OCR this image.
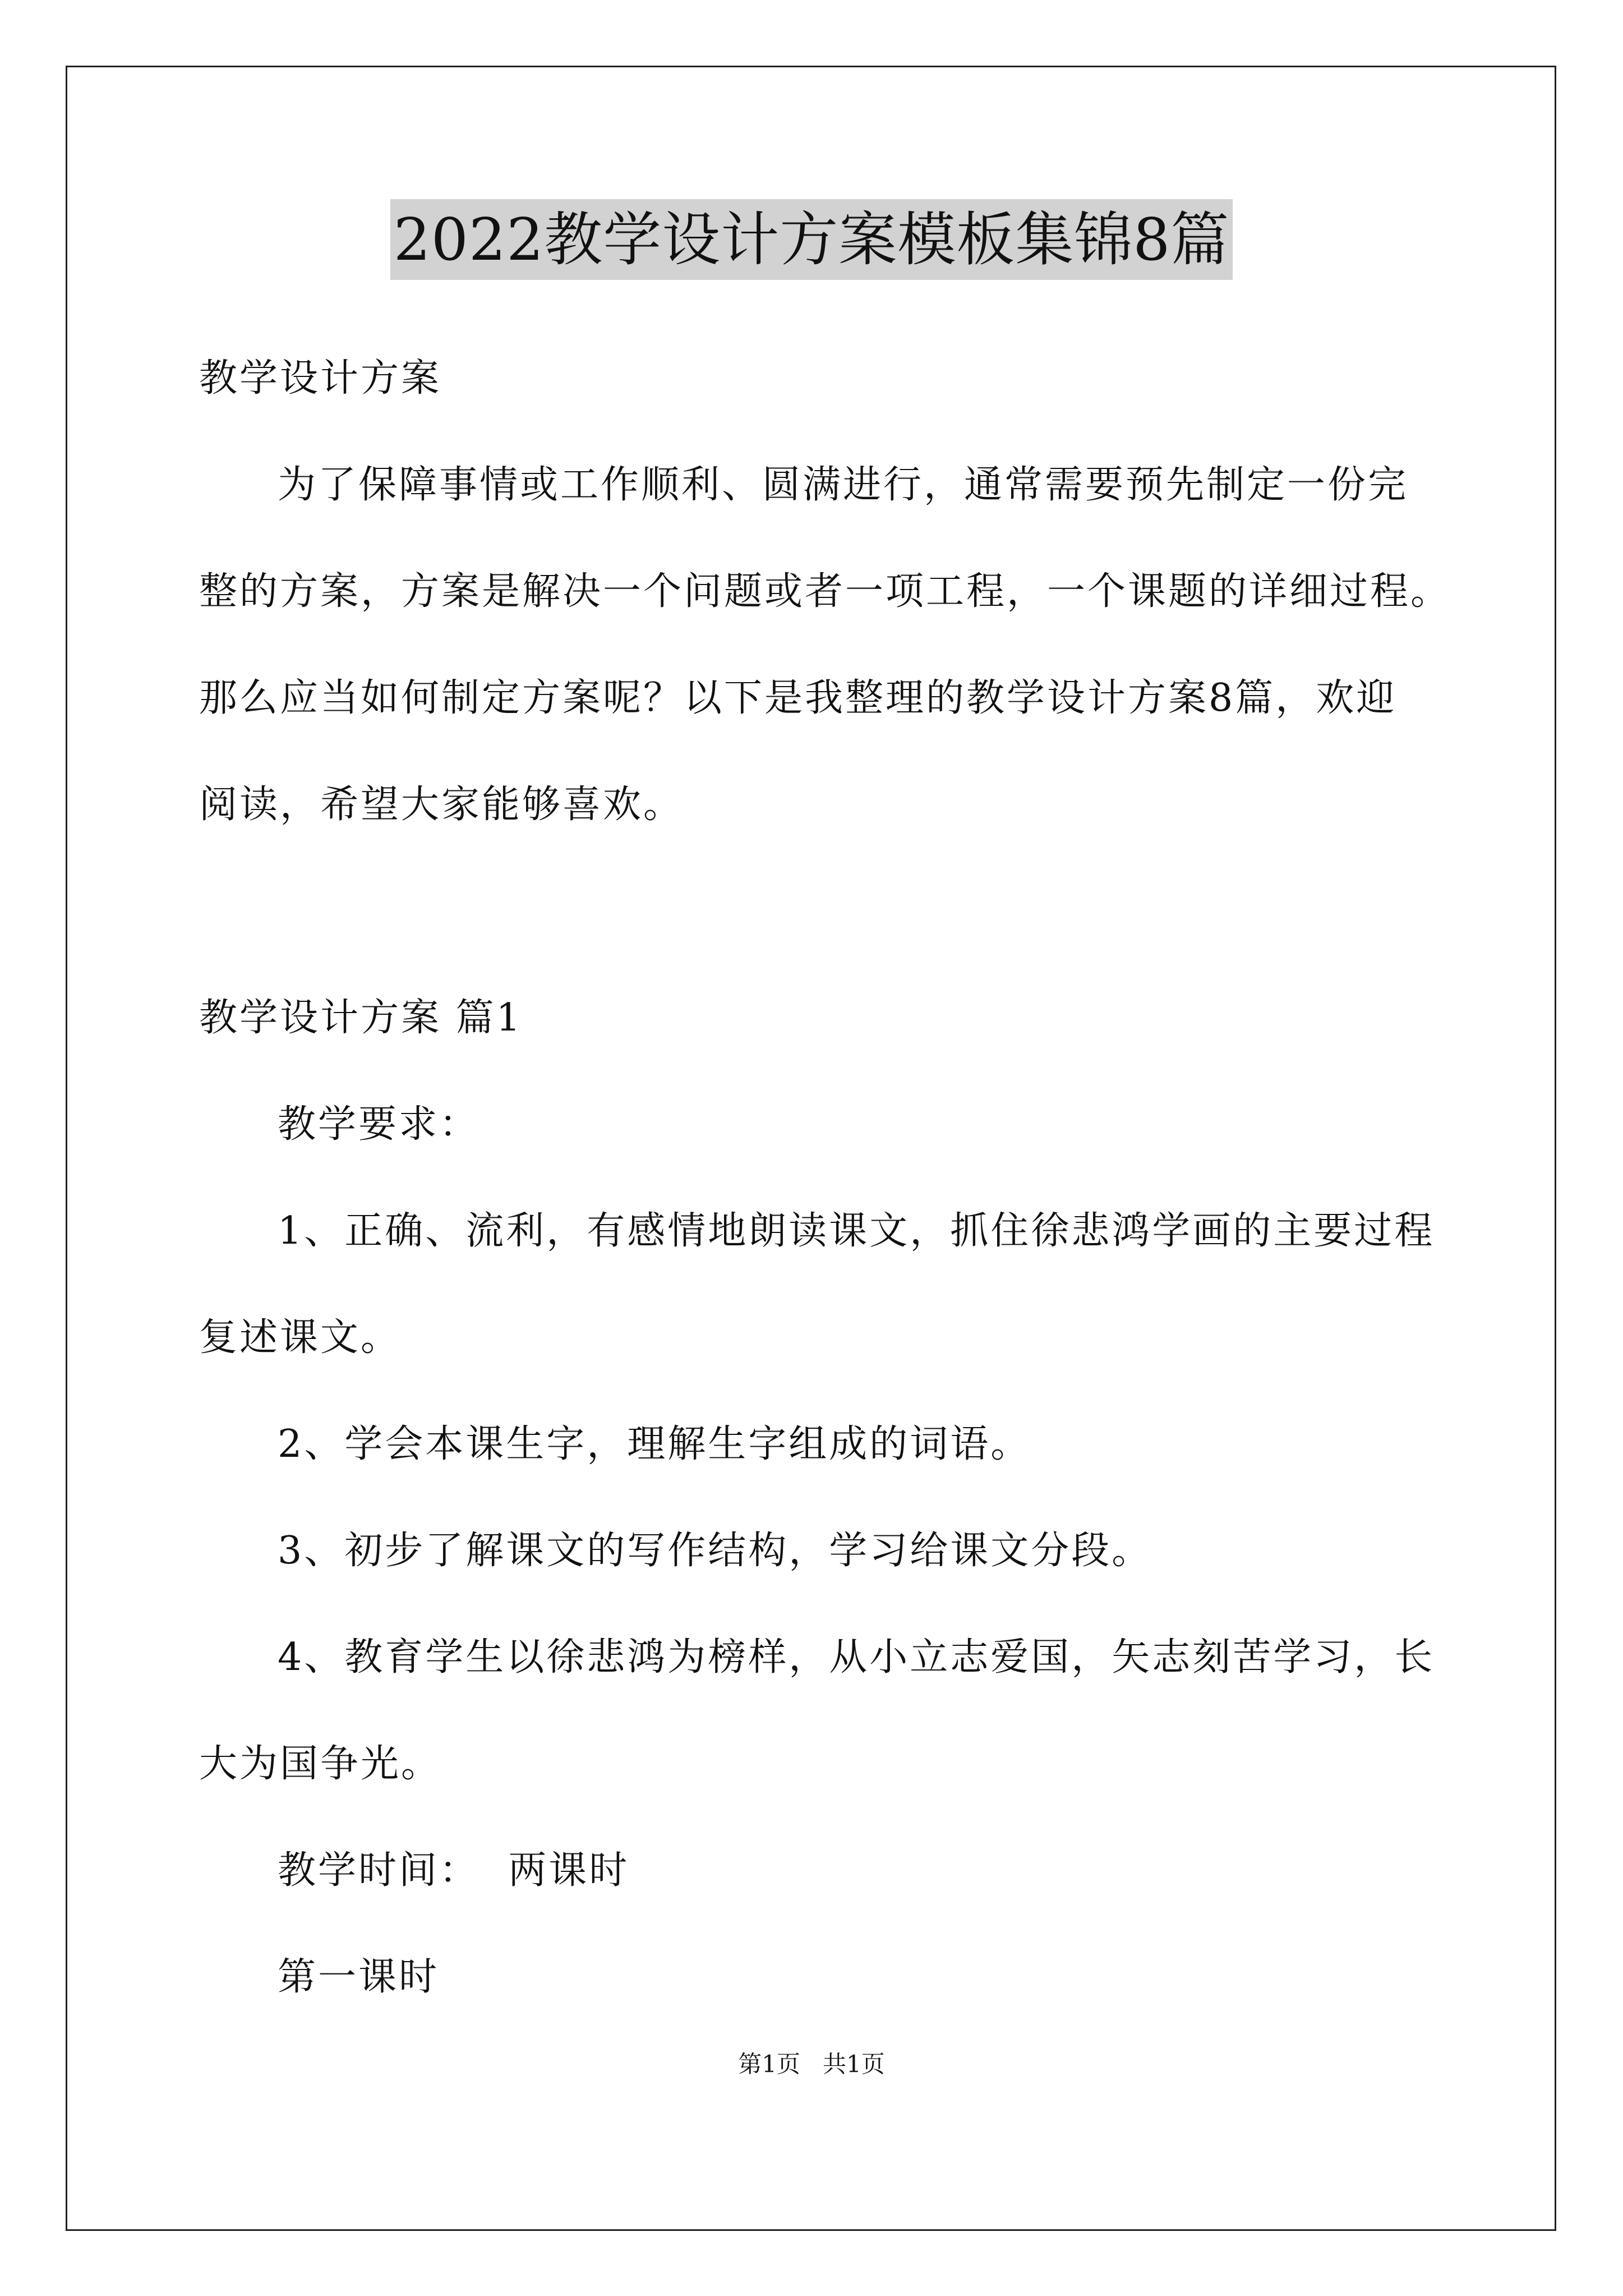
2022教学设计方案模板集锦8篇
教学设计方案
为了保障事情或工作顺利、圆满进行，通常需要预先制定一份完
整的方案，方案是解决一个问题或者一项工程，一个课题的详细过程。
那么应当如何制定方案呢？以下是我整理的教学设计方案8篇，欢迎
阅读，希望大家能够喜欢。
教学设计方案 篇1
教学要求：
1、正确、流利，有感情地朗读课文，抓住徐悲鸿学画的主要过程
复述课文。
2、学会本课生字，理解生字组成的词语。
3、初步了解课文的写作结构，学习给课文分段。
4、教育学生以徐悲鸿为榜样，从小立志爱国，矢志刻苦学习，长
大为国争光。
教学时间：  两课时
第一课时
第1页   共1页
